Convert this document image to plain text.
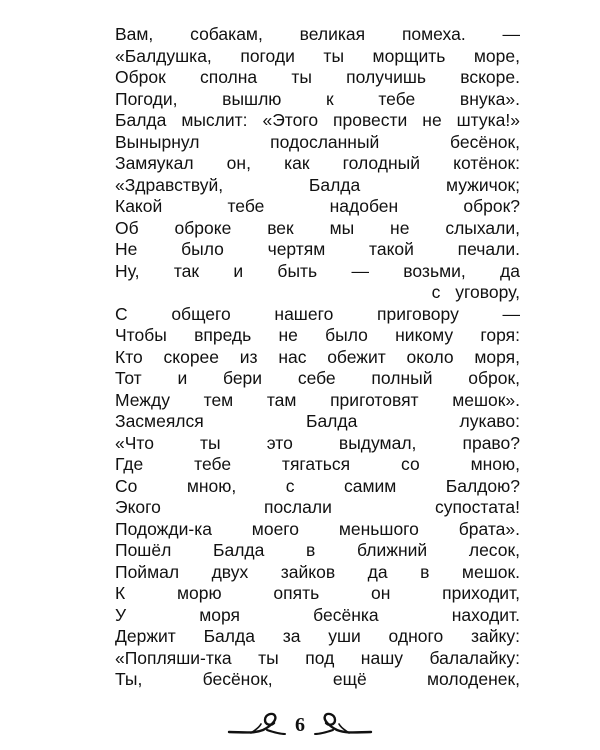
Вам, собакам, великая помеха. —
«Балдушка, погоди ты морщить море,
Оброк сполна ты получишь вскоре.
Погоди, вышлю к тебе внука».
Балда мыслит: «Этого провести не штука!»
Вынырнул подосланный бесёнок,
Замяукал он, как голодный котёнок:
«Здравствуй, Балда мужичок;
Какой тебе надобен оброк?
Об оброке век мы не слыхали,
Не было чертям такой печали.
Ну, так и быть — возьми, да
с уговору,
С общего нашего приговору —
Чтобы впредь не было никому горя:
Кто скорее из нас обежит около моря,
Тот и бери себе полный оброк,
Между тем там приготовят мешок».
Засмеялся Балда лукаво:
«Что ты это выдумал, право?
Где тебе тягаться со мною,
Со мною, с самим Балдою?
Экого послали супостата!
Подожди-ка моего меньшого брата».
Пошёл Балда в ближний лесок,
Поймал двух зайков да в мешок.
К морю опять он приходит,
У моря бесёнка находит.
Держит Балда за уши одного зайку:
«Попляши-тка ты под нашу балалайку:
Ты, бесёнок, ещё молоденек,
6
